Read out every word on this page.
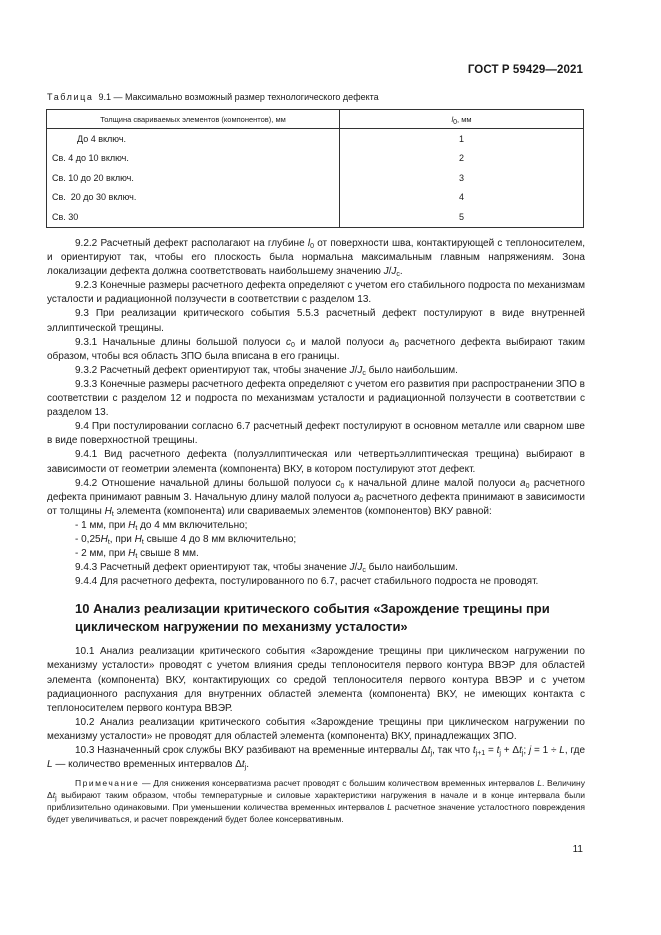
ГОСТ Р 59429—2021
Таблица 9.1 — Максимально возможный размер технологического дефекта
Толщина свариваемых элементов (компонентов), мм	$l_0$, мм
До 4 включ.	1
Св. 4 до 10 включ.	2
Св. 10 до 20 включ.	3
Св.  20 до 30 включ.	4
Св. 30	5

9.2.2 Расчетный дефект располагают на глубине $l_0$ от поверхности шва, контактирующей с теплоносителем, и ориентируют так, чтобы его плоскость была нормальна максимальным главным напряжениям. Зона локализации дефекта должна соответствовать наибольшему значению $J/J_c$.

9.2.3 Конечные размеры расчетного дефекта определяют с учетом его стабильного подроста по механизмам усталости и радиационной ползучести в соответствии с разделом 13.

9.3 При реализации критического события 5.5.3 расчетный дефект постулируют в виде внутренней эллиптической трещины.

9.3.1 Начальные длины большой полуоси $c_0$ и малой полуоси $a_0$ расчетного дефекта выбирают таким образом, чтобы вся область ЗПО была вписана в его границы.

9.3.2 Расчетный дефект ориентируют так, чтобы значение $J/J_c$ было наибольшим.

9.3.3 Конечные размеры расчетного дефекта определяют с учетом его развития при распространении ЗПО в соответствии с разделом 12 и подроста по механизмам усталости и радиационной ползучести в соответствии с разделом 13.

9.4 При постулировании согласно 6.7 расчетный дефект постулируют в основном металле или сварном шве в виде поверхностной трещины.

9.4.1 Вид расчетного дефекта (полуэллиптическая или четвертьэллиптическая трещина) выбирают в зависимости от геометрии элемента (компонента) ВКУ, в котором постулируют этот дефект.

9.4.2 Отношение начальной длины большой полуоси $c_0$ к начальной длине малой полуоси $a_0$ расчетного дефекта принимают равным 3. Начальную длину малой полуоси $a_0$ расчетного дефекта принимают в зависимости от толщины $H_t$ элемента (компонента) или свариваемых элементов (компонентов) ВКУ равной:

- 1 мм, при $H_t$ до 4 мм включительно;

- $0,25H_t$, при $H_t$ свыше 4 до 8 мм включительно;

- 2 мм, при $H_t$ свыше 8 мм.

9.4.3 Расчетный дефект ориентируют так, чтобы значение $J/J_c$ было наибольшим.

9.4.4 Для расчетного дефекта, постулированного по 6.7, расчет стабильного подроста не проводят.

10 Анализ реализации критического события «Зарождение трещины при циклическом нагружении по механизму усталости»

10.1 Анализ реализации критического события «Зарождение трещины при циклическом нагружении по механизму усталости» проводят с учетом влияния среды теплоносителя первого контура ВВЭР для областей элемента (компонента) ВКУ, контактирующих со средой теплоносителя первого контура ВВЭР и с учетом радиационного распухания для внутренних областей элемента (компонента) ВКУ, не имеющих контакта с теплоносителем первого контура ВВЭР.

10.2 Анализ реализации критического события «Зарождение трещины при циклическом нагружении по механизму усталости» не проводят для областей элемента (компонента) ВКУ, принадлежащих ЗПО.

10.3 Назначенный срок службы ВКУ разбивают на временные интервалы $\Delta t_j$, так что $t_{j+1} = t_j + \Delta t_j$; j = 1 ÷ L, где L — количество временных интервалов $\Delta t_j$.

Примечание — Для снижения консерватизма расчет проводят с большим количеством временных интервалов L. Величину $\Delta t_j$ выбирают таким образом, чтобы температурные и силовые характеристики нагружения в начале и в конце интервала были приблизительно одинаковыми. При уменьшении количества временных интервалов L расчетное значение усталостного повреждения будет увеличиваться, и расчет повреждений будет более консервативным.

11
